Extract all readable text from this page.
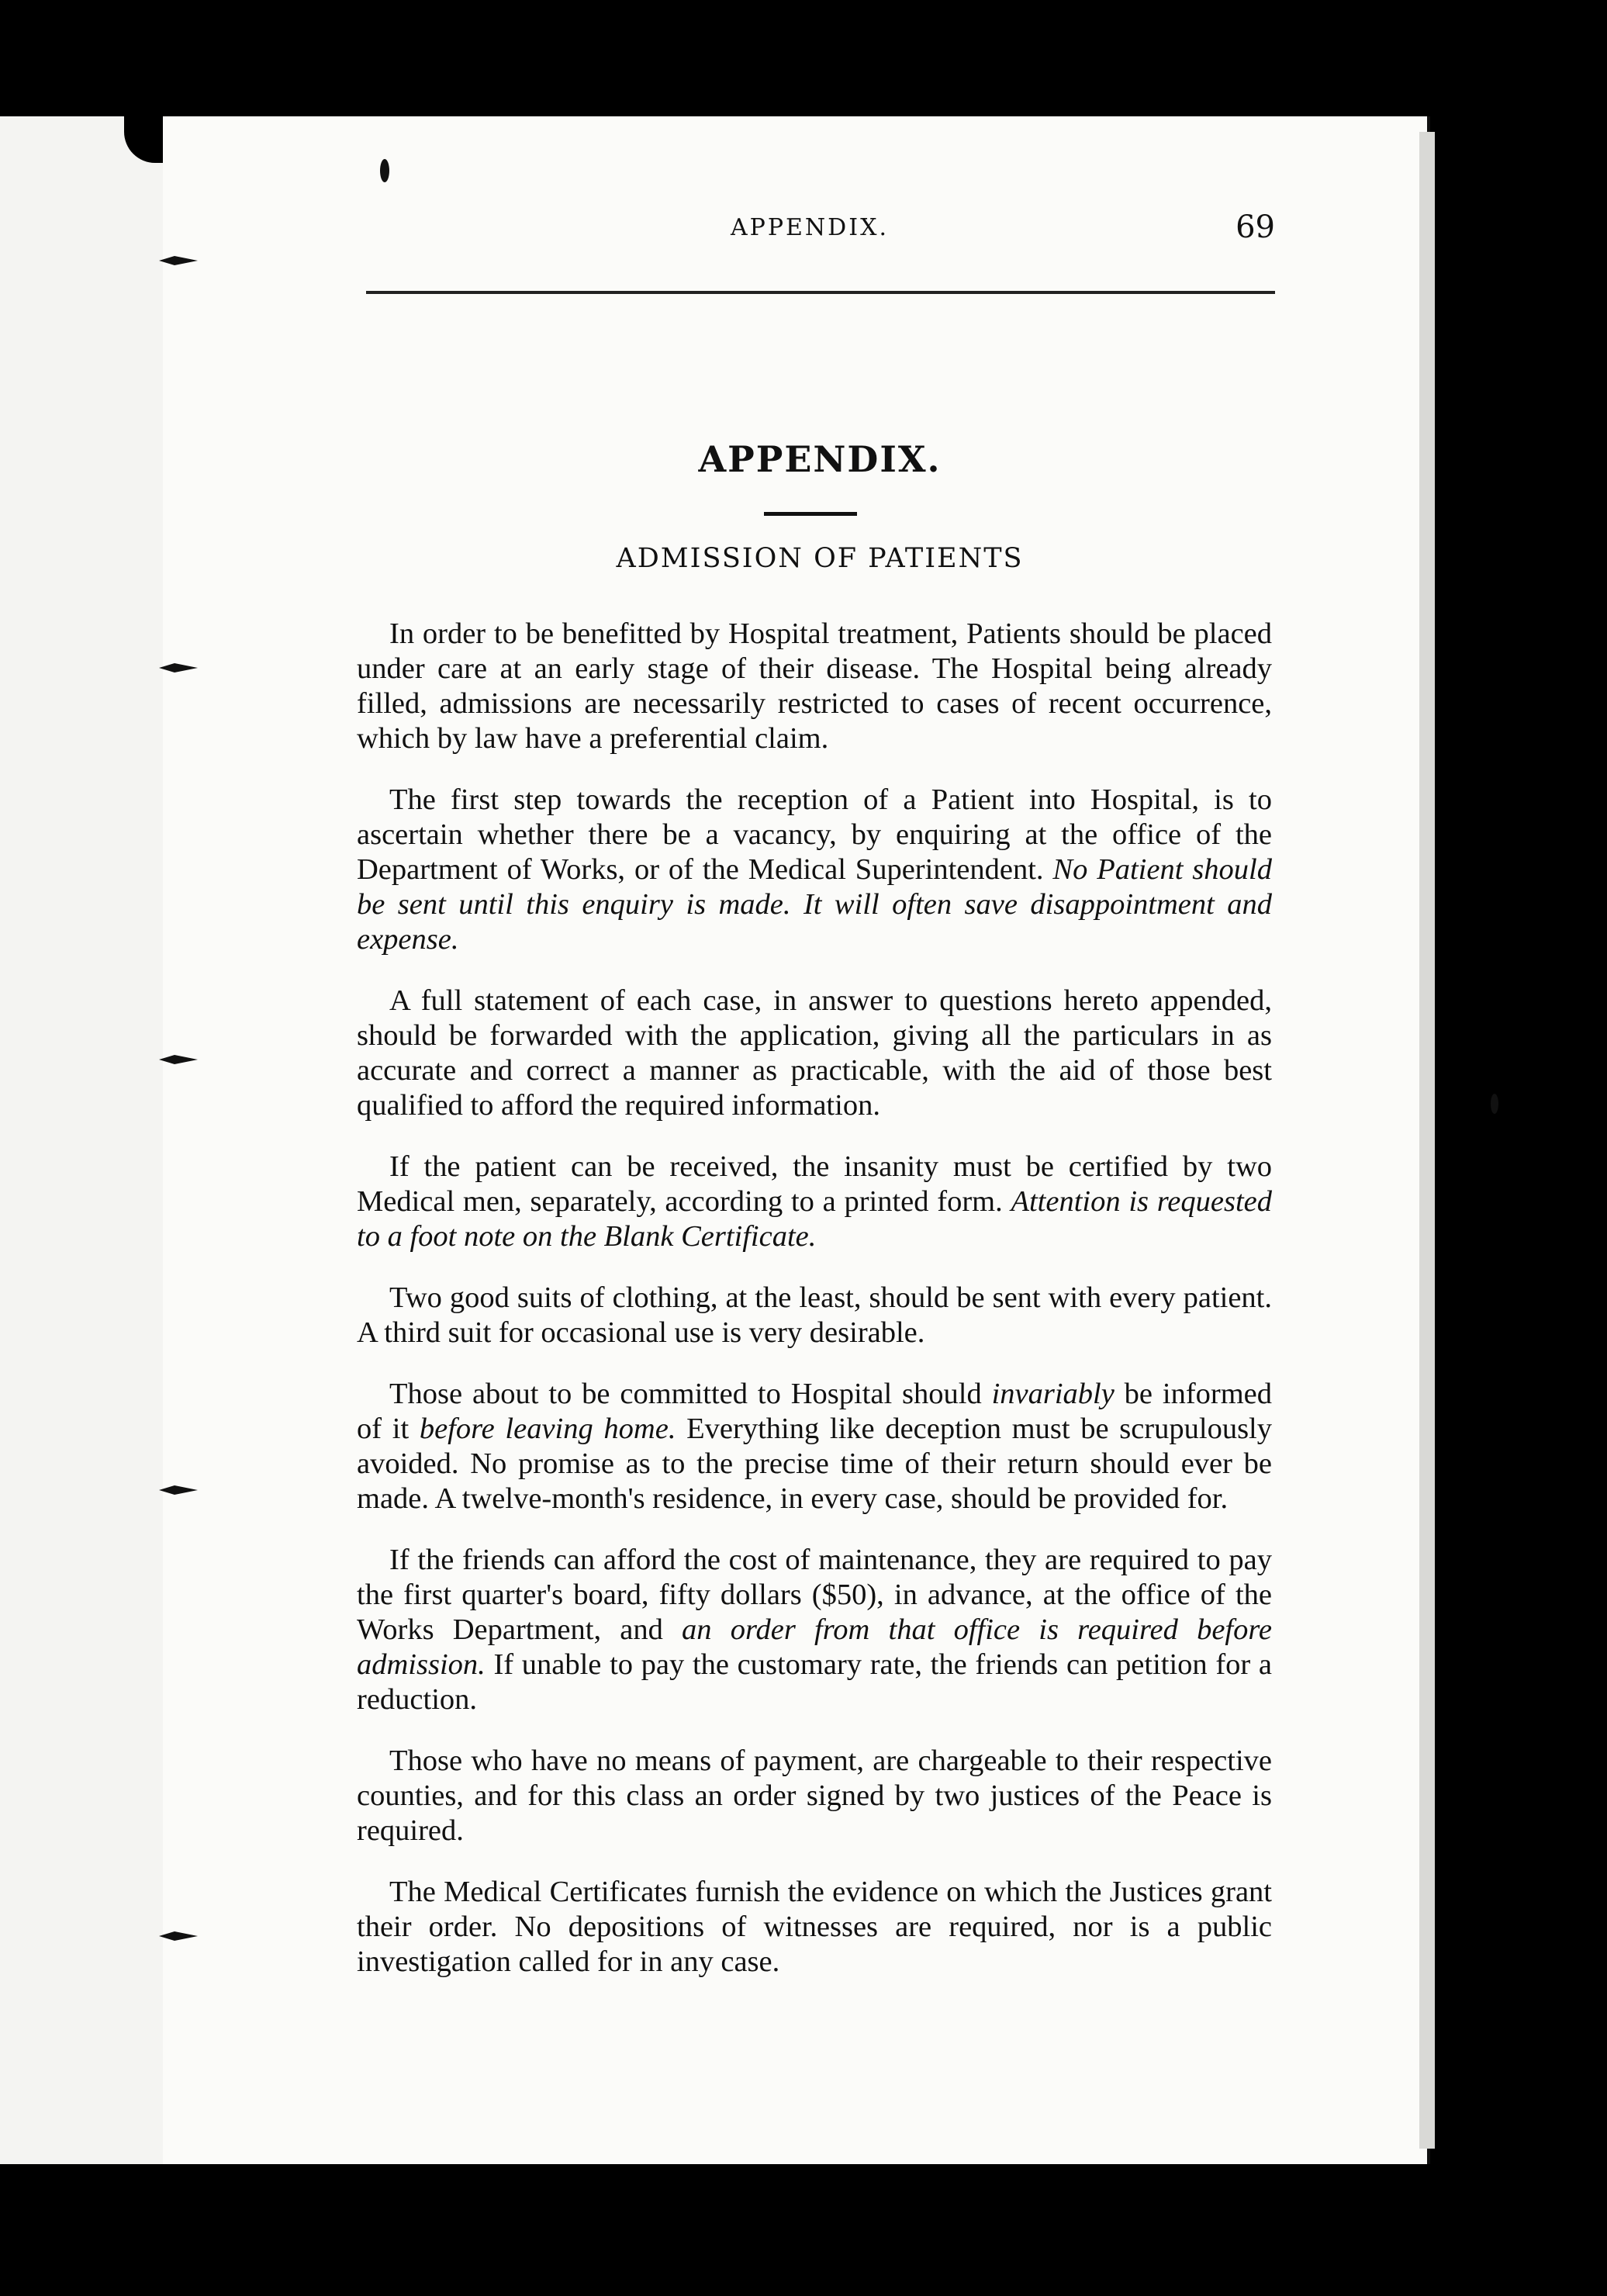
APPENDIX.	69
APPENDIX.
ADMISSION OF PATIENTS

In order to be benefitted by Hospital treatment, Patients should be placed under care at an early stage of their disease. The Hospital being already filled, admissions are necessarily restricted to cases of recent occurrence, which by law have a preferential claim.

The first step towards the reception of a Patient into Hospital, is to ascertain whether there be a vacancy, by enquiring at the office of the Department of Works, or of the Medical Superintendent. No Patient should be sent until this enquiry is made. It will often save disappointment and expense.

A full statement of each case, in answer to questions hereto appended, should be forwarded with the application, giving all the particulars in as accurate and correct a manner as practicable, with the aid of those best qualified to afford the required information.

If the patient can be received, the insanity must be certified by two Medical men, separately, according to a printed form. Attention is requested to a foot note on the Blank Certificate.

Two good suits of clothing, at the least, should be sent with every patient. A third suit for occasional use is very desirable.

Those about to be committed to Hospital should invariably be informed of it before leaving home. Everything like deception must be scrupulously avoided. No promise as to the precise time of their return should ever be made. A twelve-month's residence, in every case, should be provided for.

If the friends can afford the cost of maintenance, they are required to pay the first quarter's board, fifty dollars ($50), in advance, at the office of the Works Department, and an order from that office is required before admission. If unable to pay the customary rate, the friends can petition for a reduction.

Those who have no means of payment, are chargeable to their respective counties, and for this class an order signed by two justices of the Peace is required.

The Medical Certificates furnish the evidence on which the Justices grant their order. No depositions of witnesses are required, nor is a public investigation called for in any case.
